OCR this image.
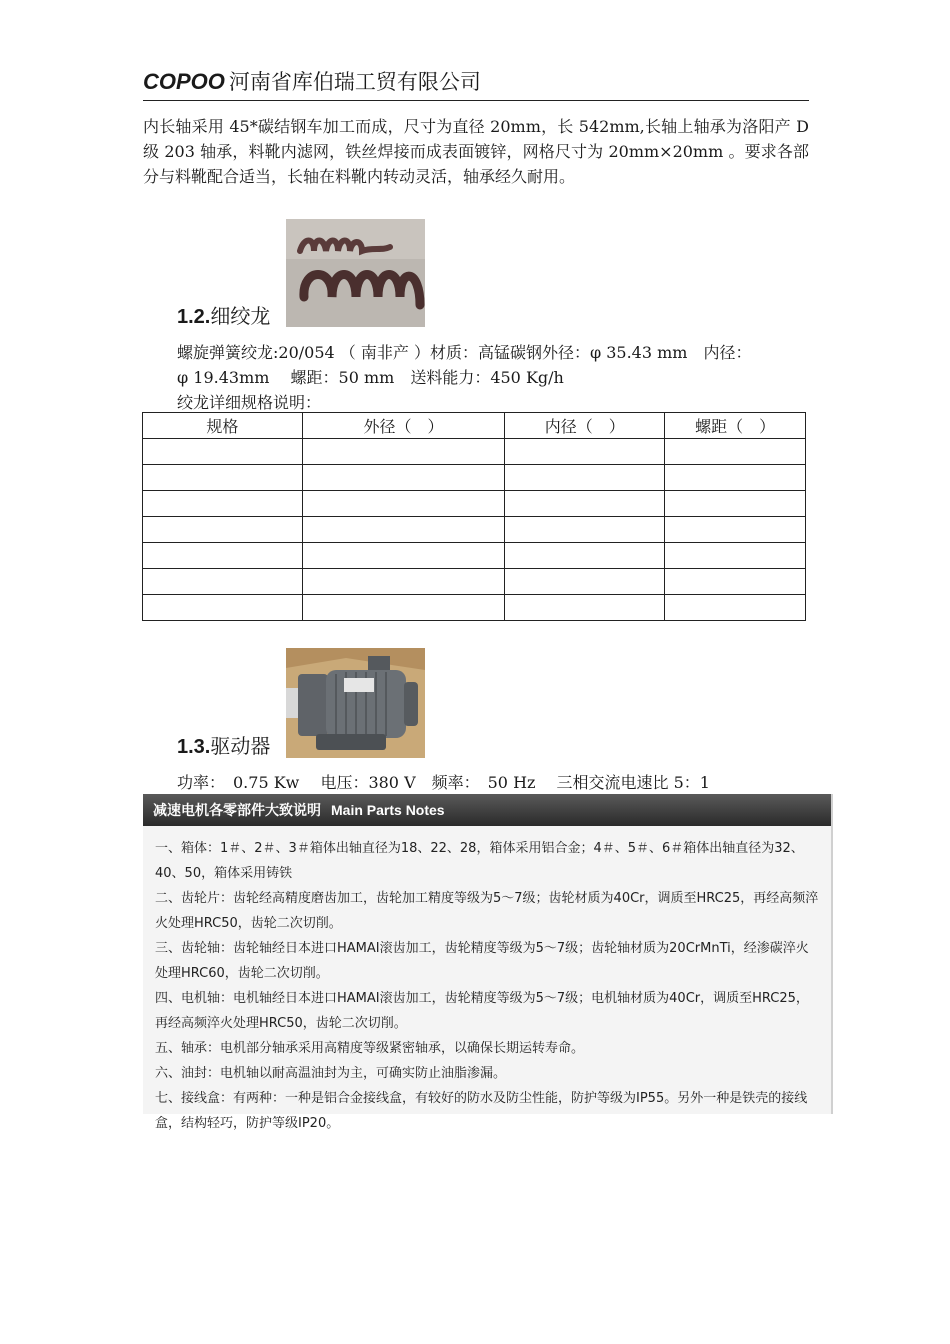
COPOO 河南省库伯瑞工贸有限公司
内长轴采用 45*碳结钢车加工而成，尺寸为直径 20mm，长 542mm,长轴上轴承为洛阳产 D级 203 轴承，料靴内滤网，铁丝焊接而成表面镀锌，网格尺寸为 20mm×20mm 。要求各部分与料靴配合适当，长轴在料靴内转动灵活，轴承经久耐用。
1.2.细绞龙
螺旋弹簧绞龙:20/054 （ 南非产 ）材质：高锰碳钢外径：φ 35.43 mm　内径：
φ 19.43mm　 螺距：50 mm　送料能力：450 Kg/h
绞龙详细规格说明：
规格	外径（　）	内径（　）	螺距（　）

1.3.驱动器
功率：　0.75 Kw　 电压：380 V　频率：　50 Hz　 三相交流电速比 5：1
减速电机各零部件大致说明 Main Parts Notes

一、箱体：1＃、2＃、3＃箱体出轴直径为18、22、28，箱体采用铝合金；4＃、5＃、6＃箱体出轴直径为32、40、50，箱体采用铸铁

二、齿轮片：齿轮经高精度磨齿加工，齿轮加工精度等级为5～7级；齿轮材质为40Cr，调质至HRC25，再经高频淬火处理HRC50，齿轮二次切削。

三、齿轮轴：齿轮轴经日本进口HAMAI滚齿加工，齿轮精度等级为5～7级；齿轮轴材质为20CrMnTi，经渗碳淬火处理HRC60，齿轮二次切削。

四、电机轴：电机轴经日本进口HAMAI滚齿加工，齿轮精度等级为5～7级；电机轴材质为40Cr，调质至HRC25，再经高频淬火处理HRC50，齿轮二次切削。

五、轴承：电机部分轴承采用高精度等级紧密轴承，以确保长期运转寿命。

六、油封：电机轴以耐高温油封为主，可确实防止油脂渗漏。

七、接线盒：有两种：一种是铝合金接线盒，有较好的防水及防尘性能，防护等级为IP55。另外一种是铁壳的接线盒，结构轻巧，防护等级IP20。
